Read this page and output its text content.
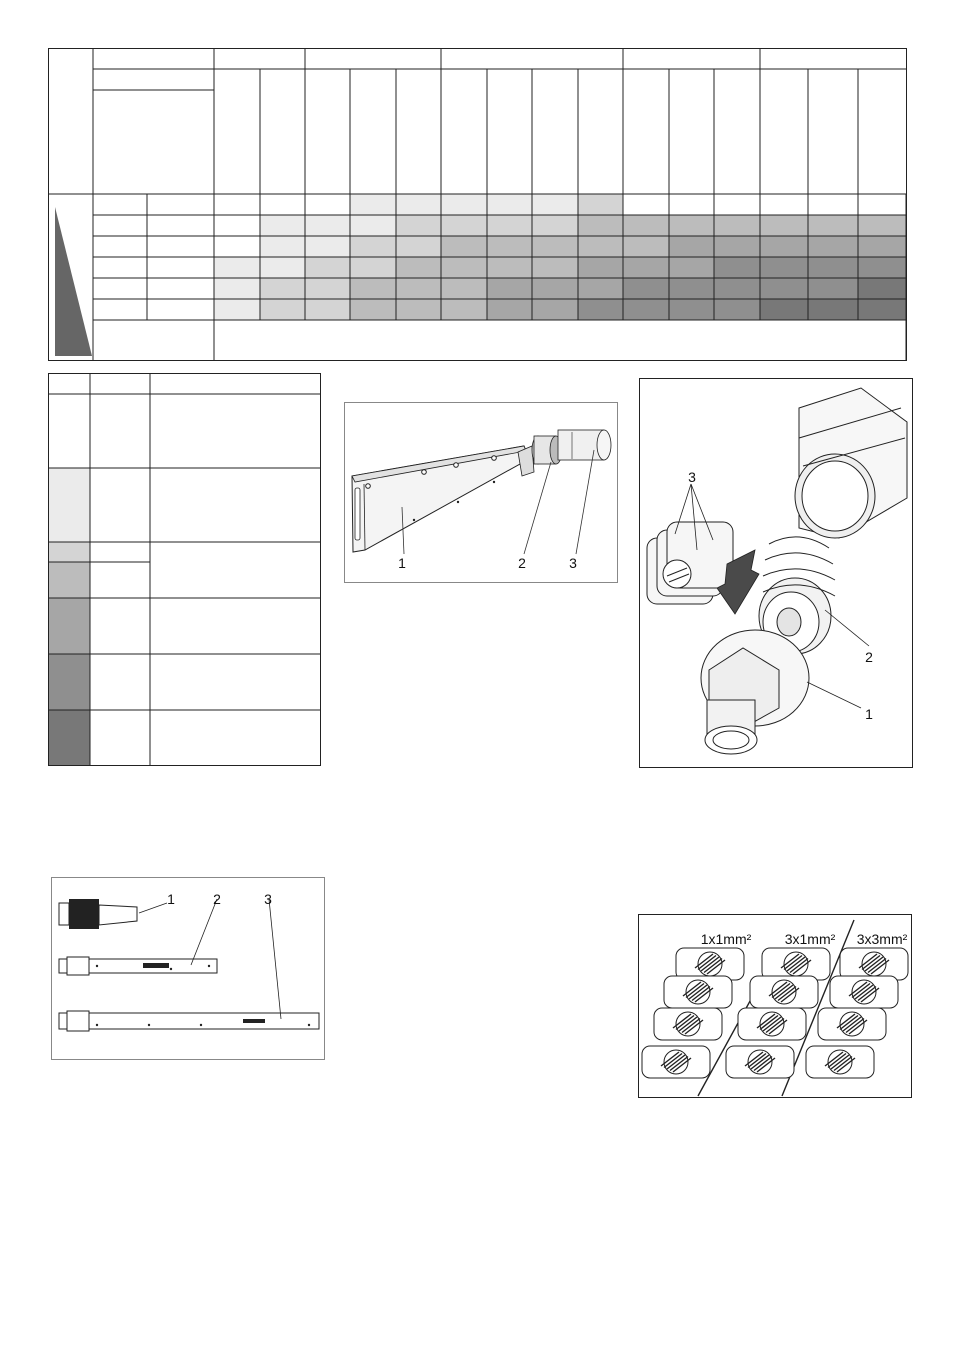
1	2	3
3
2
1
1	2	3
1x1mm² 3x1mm² 3x3mm²
